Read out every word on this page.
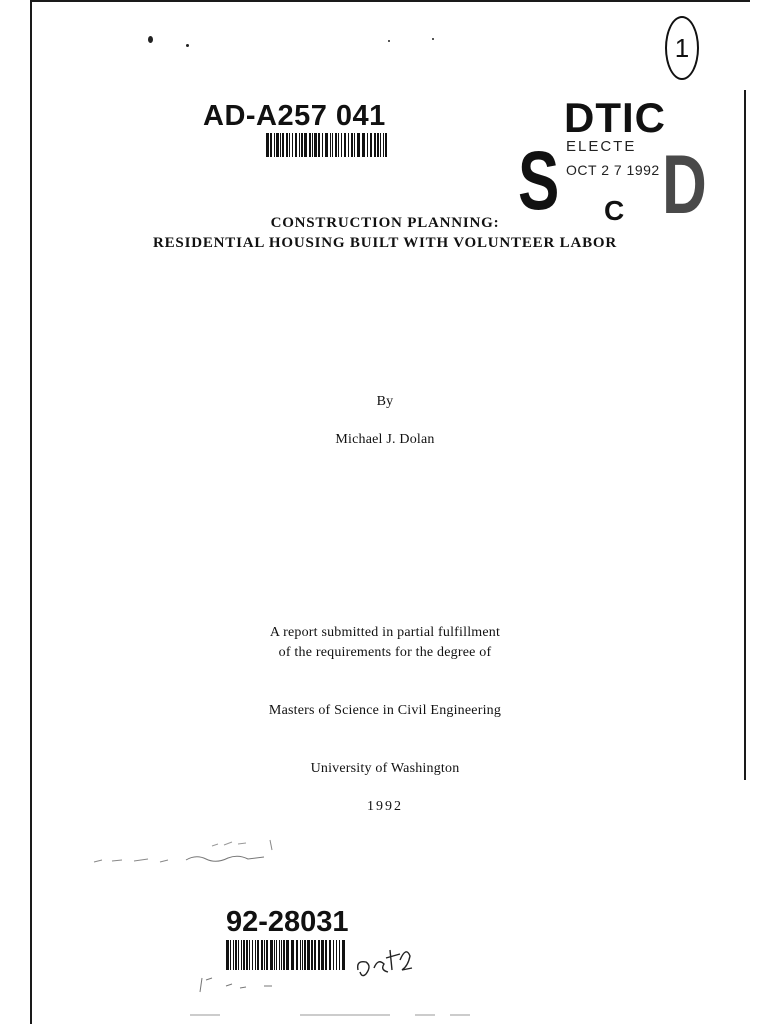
AD-A257 041	DTIC

ELECTE

OCT 2 7 1992

S D

C

1

CONSTRUCTION PLANNING:

RESIDENTIAL HOUSING BUILT WITH VOLUNTEER LABOR

By

Michael J. Dolan

A report submitted in partial fulfillment

of the requirements for the degree of

Masters of Science in Civil Engineering

University of Washington

1992

92-28031
